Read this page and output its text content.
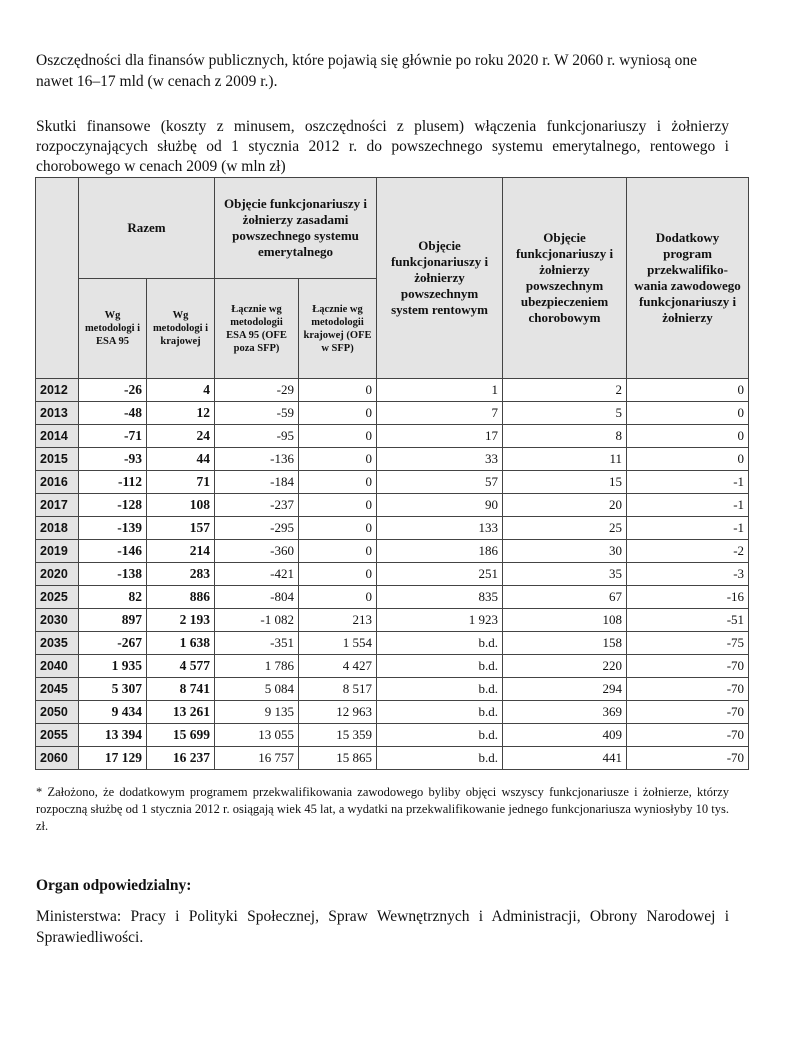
Oszczędności dla finansów publicznych, które pojawią się głównie po roku 2020 r. W 2060 r. wyniosą one nawet 16–17 mld (w cenach z 2009 r.).

Skutki finansowe (koszty z minusem, oszczędności z plusem) włączenia funkcjonariuszy i żołnierzy rozpoczynających służbę od 1 stycznia 2012 r. do powszechnego systemu emerytalnego, rentowego i chorobowego w cenach 2009 (w mln zł)

	Razem		Objęcie funkcjonariuszy i żołnierzy zasadami powszechnego systemu emerytalnego		Objęcie funkcjonariuszy i żołnierzy powszechnym system rentowym	Objęcie funkcjonariuszy i żołnierzy powszechnym ubezpieczeniem chorobowym	Dodatkowy program przekwalifiko-wania zawodowego funkcjonariuszy i żołnierzy
	Wg metodologi i ESA 95	Wg metodologi i krajowej	Łącznie wg metodologii ESA 95 (OFE poza SFP)	Łącznie wg metodologii krajowej (OFE w SFP)			
2012	-26	4	-29	0	1	2	0
2013	-48	12	-59	0	7	5	0
2014	-71	24	-95	0	17	8	0
2015	-93	44	-136	0	33	11	0
2016	-112	71	-184	0	57	15	-1
2017	-128	108	-237	0	90	20	-1
2018	-139	157	-295	0	133	25	-1
2019	-146	214	-360	0	186	30	-2
2020	-138	283	-421	0	251	35	-3
2025	82	886	-804	0	835	67	-16
2030	897	2 193	-1 082	213	1 923	108	-51
2035	-267	1 638	-351	1 554	b.d.	158	-75
2040	1 935	4 577	1 786	4 427	b.d.	220	-70
2045	5 307	8 741	5 084	8 517	b.d.	294	-70
2050	9 434	13 261	9 135	12 963	b.d.	369	-70
2055	13 394	15 699	13 055	15 359	b.d.	409	-70
2060	17 129	16 237	16 757	15 865	b.d.	441	-70

* Założono, że dodatkowym programem przekwalifikowania zawodowego byliby objęci wszyscy funkcjonariusze i żołnierze, którzy rozpoczną służbę od 1 stycznia 2012 r. osiągają wiek 45 lat, a wydatki na przekwalifikowanie jednego funkcjonariusza wyniosłyby 10 tys. zł.

Organ odpowiedzialny:

Ministerstwa: Pracy i Polityki Społecznej, Spraw Wewnętrznych i Administracji, Obrony Narodowej i Sprawiedliwości.
